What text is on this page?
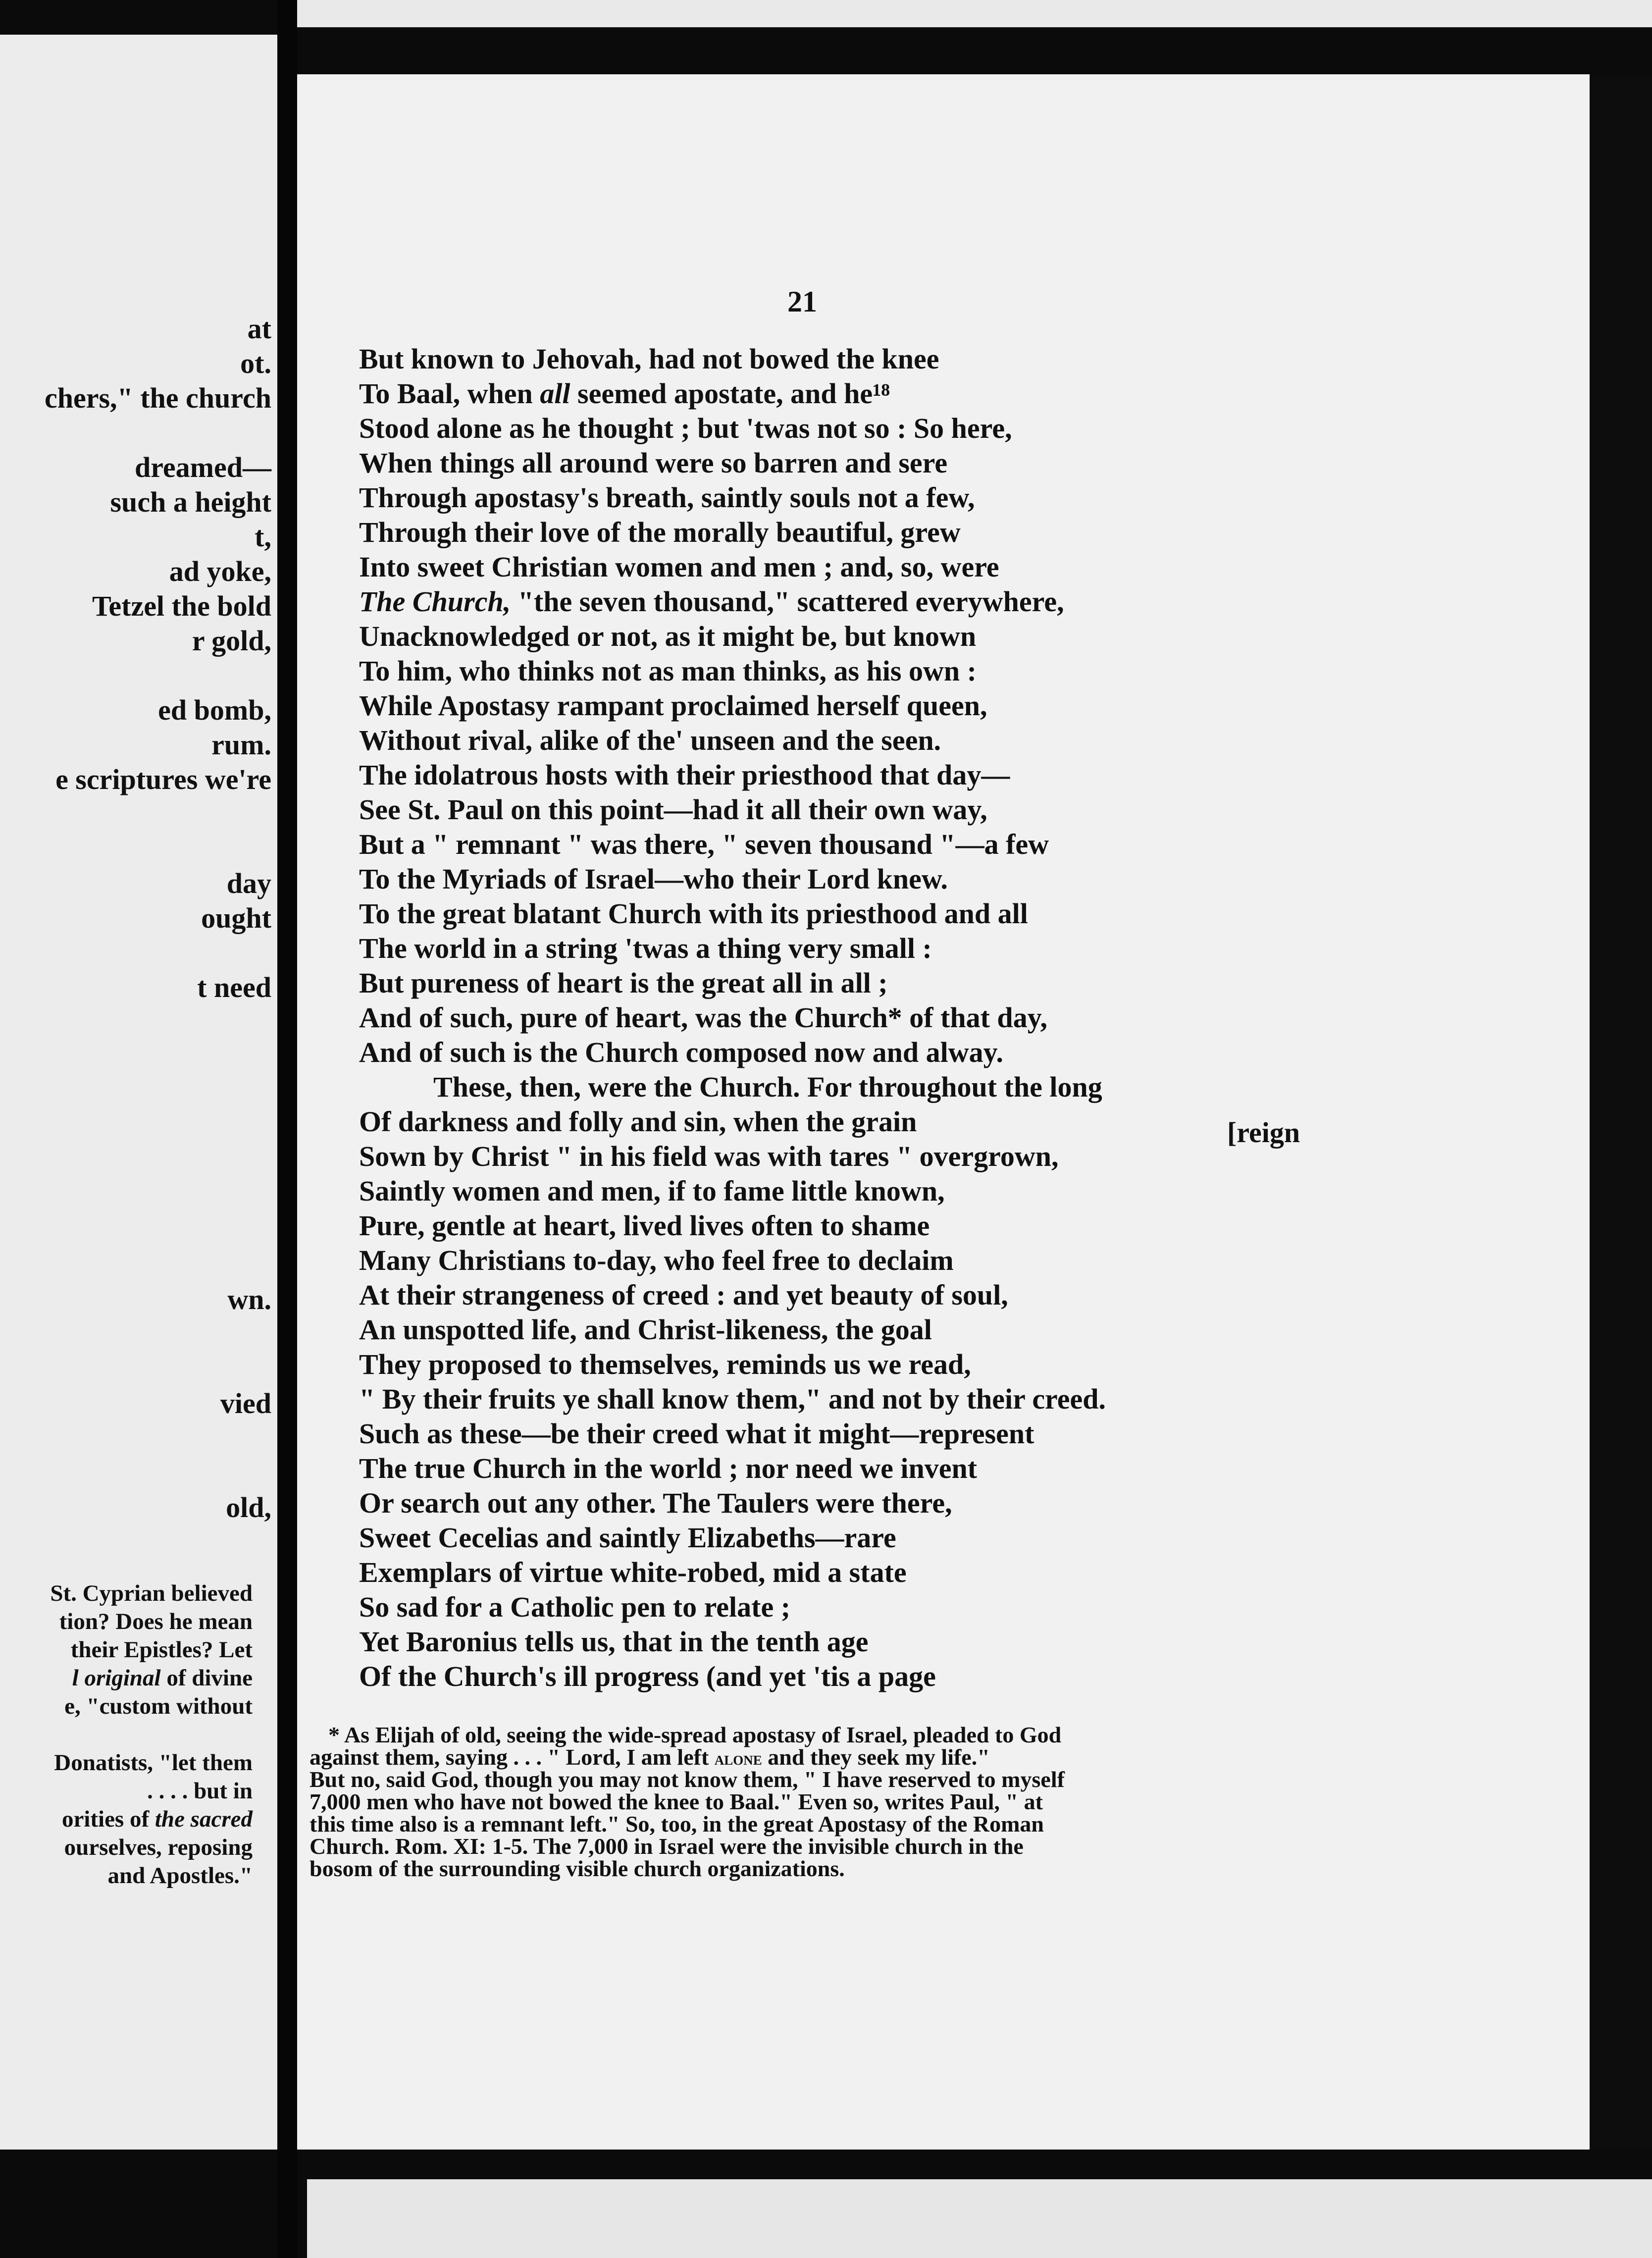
at
ot.
chers," the church
dreamed—
such a height
t,
ad yoke,
Tetzel the bold
r gold,
ed bomb,
rum.
e scriptures we're
day
ought
t need
wn.
vied
old,
St. Cyprian believed
tion? Does he mean
their Epistles? Let
l original of divine
e, "custom without
Donatists, "let them
. . . . but in
orities of the sacred
ourselves, reposing
and Apostles."
21
But known to Jehovah, had not bowed the knee
To Baal, when all seemed apostate, and he¹⁸
Stood alone as he thought ; but 'twas not so : So here,
When things all around were so barren and sere
Through apostasy's breath, saintly souls not a few,
Through their love of the morally beautiful, grew
Into sweet Christian women and men ; and, so, were
The Church, "the seven thousand," scattered everywhere,
Unacknowledged or not, as it might be, but known
To him, who thinks not as man thinks, as his own :
While Apostasy rampant proclaimed herself queen,
Without rival, alike of the' unseen and the seen.
The idolatrous hosts with their priesthood that day—
See St. Paul on this point—had it all their own way,
But a " remnant " was there, " seven thousand "—a few
To the Myriads of Israel—who their Lord knew.
To the great blatant Church with its priesthood and all
The world in a string 'twas a thing very small :
But pureness of heart is the great all in all ;
And of such, pure of heart, was the Church* of that day,
And of such is the Church composed now and alway.
These, then, were the Church. For throughout the long
Of darkness and folly and sin, when the grain
Sown by Christ " in his field was with tares " overgrown,
Saintly women and men, if to fame little known,
Pure, gentle at heart, lived lives often to shame
Many Christians to-day, who feel free to declaim
At their strangeness of creed : and yet beauty of soul,
An unspotted life, and Christ-likeness, the goal
They proposed to themselves, reminds us we read,
" By their fruits ye shall know them," and not by their creed.
Such as these—be their creed what it might—represent
The true Church in the world ; nor need we invent
Or search out any other. The Taulers were there,
Sweet Cecelias and saintly Elizabeths—rare
Exemplars of virtue white-robed, mid a state
So sad for a Catholic pen to relate ;
Yet Baronius tells us, that in the tenth age
Of the Church's ill progress (and yet 'tis a page
[reign
* As Elijah of old, seeing the wide-spread apostasy of Israel, pleaded to God
against them, saying . . . " Lord, I am left alone and they seek my life."
But no, said God, though you may not know them, " I have reserved to myself
7,000 men who have not bowed the knee to Baal." Even so, writes Paul, " at
this time also is a remnant left." So, too, in the great Apostasy of the Roman
Church. Rom. XI: 1-5. The 7,000 in Israel were the invisible church in the
bosom of the surrounding visible church organizations.
